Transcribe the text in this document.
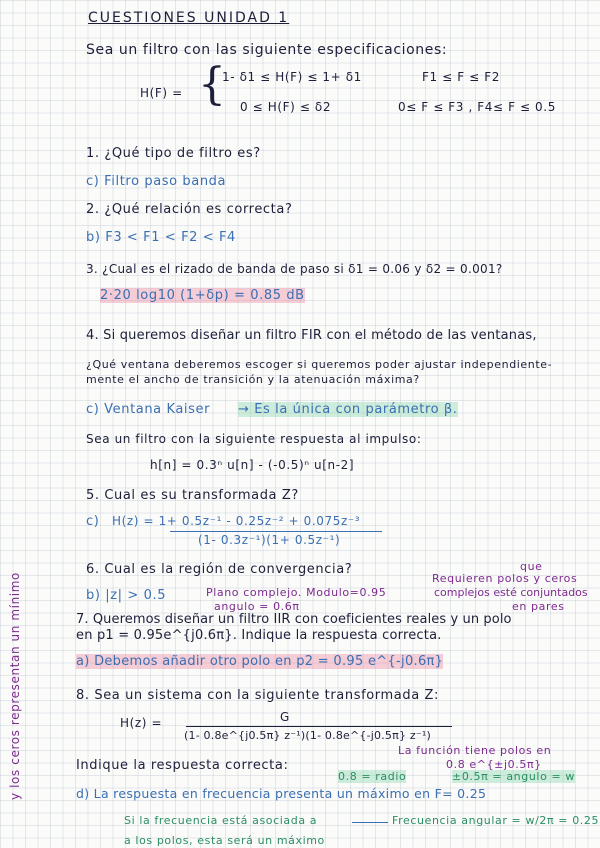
CUESTIONES UNIDAD 1
Sea un filtro con las siguiente especificaciones:
H(F) = {
1- δ1 ≤ H(F) ≤ 1+ δ1	F1 ≤ F ≤ F2
0 ≤ H(F) ≤ δ2	0≤ F ≤ F3 , F4≤ F ≤ 0.5
1. ¿Qué tipo de filtro es?
c) Filtro paso banda
2. ¿Qué relación es correcta?
b) F3 < F1 < F2 < F4
3. ¿Cual es el rizado de banda de paso si δ1 = 0.06 y δ2 = 0.001?
2·20 log10 (1+δp) = 0.85 dB
4. Si queremos diseñar un filtro FIR con el método de las ventanas,
¿Qué ventana deberemos escoger si queremos poder ajustar independiente-
mente el ancho de transición y la atenuación máxima?
c) Ventana Kaiser → Es la única con parámetro β.
Sea un filtro con la siguiente respuesta al impulso:
h[n] = 0.3ⁿ u[n] - (-0.5)ⁿ u[n-2]
5. Cual es su transformada Z?
c) H(z) = 1+ 0.5z⁻¹ - 0.25z⁻² + 0.075z⁻³
(1- 0.3z⁻¹)(1+ 0.5z⁻¹)
6. Cual es la región de convergencia?
b) |z| > 0.5	Plano complejo. Modulo=0.95
angulo = 0.6π
que
Requieren polos y ceros
complejos esté conjuntados
en pares
7. Queremos diseñar un filtro IIR con coeficientes reales y un polo
en p1 = 0.95e^{j0.6π}. Indique la respuesta correcta.
a) Debemos añadir otro polo en p2 = 0.95 e^{-j0.6π}
8. Sea un sistema con la siguiente transformada Z:
H(z) =	G
(1- 0.8e^{j0.5π} z⁻¹)(1- 0.8e^{-j0.5π} z⁻¹)
La función tiene polos en
0.8 e^{±j0.5π}
Indique la respuesta correcta:
0.8 = radio	±0.5π = angulo = w
d) La respuesta en frecuencia presenta un máximo en F= 0.25
Si la frecuencia está asociada a	Frecuencia angular = w/2π = 0.25
a los polos, esta será un máximo
y los ceros representan un mínimo
